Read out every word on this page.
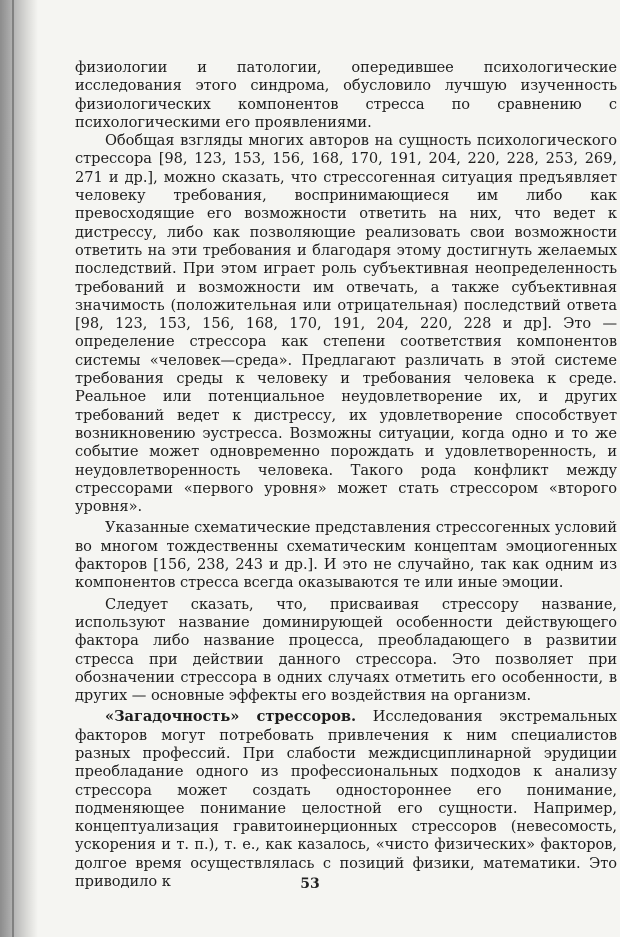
физиологии и патологии, опередившее психологические исследования этого синдрома, обусловило лучшую изученность физиологических компонентов стресса по сравнению с психологическими его проявлениями.

Обобщая взгляды многих авторов на сущность психологического стрессора [98, 123, 153, 156, 168, 170, 191, 204, 220, 228, 253, 269, 271 и др.], можно сказать, что стрессогенная ситуация предъявляет человеку требования, воспринимающиеся им либо как превосходящие его возможности ответить на них, что ведет к дистрессу, либо как позволяющие реализовать свои возможности ответить на эти требования и благодаря этому достигнуть желаемых последствий. При этом играет роль субъективная неопределенность требований и возможности им отвечать, а также субъективная значимость (положительная или отрицательная) последствий ответа [98, 123, 153, 156, 168, 170, 191, 204, 220, 228 и др]. Это — определение стрессора как степени соответствия компонентов системы «человек—среда». Предлагают различать в этой системе требования среды к человеку и требования человека к среде. Реальное или потенциальное неудовлетворение их, и других требований ведет к дистрессу, их удовлетворение способствует возникновению эустресса. Возможны ситуации, когда одно и то же событие может одновременно порождать и удовлетворенность, и неудовлетворенность человека. Такого рода конфликт между стрессорами «первого уровня» может стать стрессором «второго уровня».

Указанные схематические представления стрессогенных условий во многом тождественны схематическим концептам эмоциогенных факторов [156, 238, 243 и др.]. И это не случайно, так как одним из компонентов стресса всегда оказываются те или иные эмоции.

Следует сказать, что, присваивая стрессору название, используют название доминирующей особенности действующего фактора либо название процесса, преобладающего в развитии стресса при действии данного стрессора. Это позволяет при обозначении стрессора в одних случаях отметить его особенности, в других — основные эффекты его воздействия на организм.

«Загадочность» стрессоров. Исследования экстремальных факторов могут потребовать привлечения к ним специалистов разных профессий. При слабости междисциплинарной эрудиции преобладание одного из профессиональных подходов к анализу стрессора может создать одностороннее его понимание, подменяющее понимание целостной его сущности. Например, концептуализация гравитоинерционных стрессоров (невесомость, ускорения и т. п.), т. е., как казалось, «чисто физических» факторов, долгое время осуществлялась с позиций физики, математики. Это приводило к	53
